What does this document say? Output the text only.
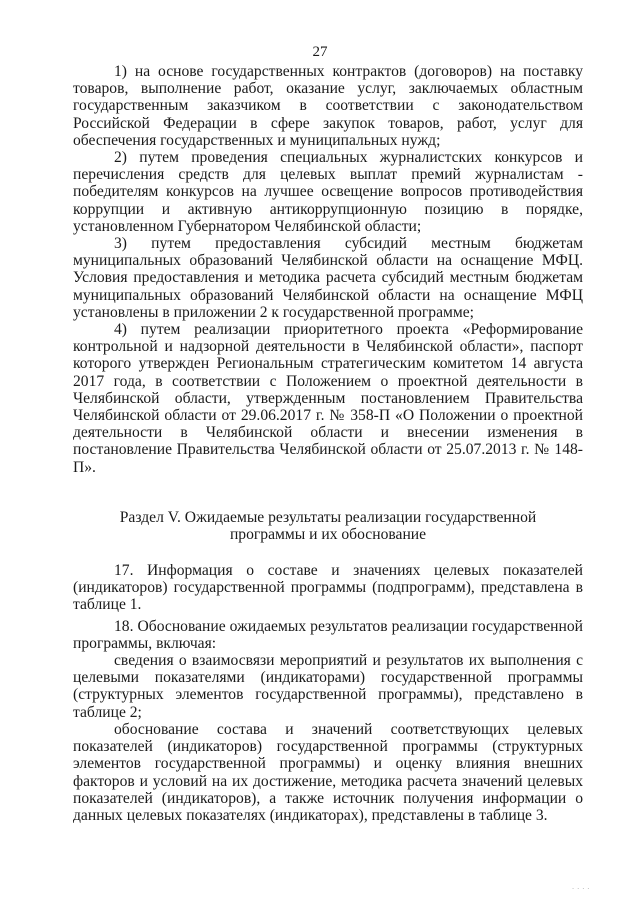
27

1) на основе государственных контрактов (договоров) на поставку товаров, выполнение работ, оказание услуг, заключаемых областным государственным заказчиком в соответствии с законодательством Российской Федерации в сфере закупок товаров, работ, услуг для обеспечения государственных и муниципальных нужд;

2) путем проведения специальных журналистских конкурсов и перечисления средств для целевых выплат премий журналистам - победителям конкурсов на лучшее освещение вопросов противодействия коррупции и активную антикоррупционную позицию в порядке, установленном Губернатором Челябинской области;

3) путем предоставления субсидий местным бюджетам муниципальных образований Челябинской области на оснащение МФЦ. Условия предоставления и методика расчета субсидий местным бюджетам муниципальных образований Челябинской области на оснащение МФЦ установлены в приложении 2 к государственной программе;

4) путем реализации приоритетного проекта «Реформирование контрольной и надзорной деятельности в Челябинской области», паспорт которого утвержден Региональным стратегическим комитетом 14 августа 2017 года, в соответствии с Положением о проектной деятельности в Челябинской области, утвержденным постановлением Правительства Челябинской области от 29.06.2017 г. № 358-П «О Положении о проектной деятельности в Челябинской области и внесении изменения в постановление Правительства Челябинской области от 25.07.2013 г. № 148-П».

Раздел V. Ожидаемые результаты реализации государственной
программы и их обоснование

17. Информация о составе и значениях целевых показателей (индикаторов) государственной программы (подпрограмм), представлена в таблице 1.

18. Обоснование ожидаемых результатов реализации государственной программы, включая:

сведения о взаимосвязи мероприятий и результатов их выполнения с целевыми показателями (индикаторами) государственной программы (структурных элементов государственной программы), представлено в таблице 2;

обоснование состава и значений соответствующих целевых показателей (индикаторов) государственной программы (структурных элементов государственной программы) и оценку влияния внешних факторов и условий на их достижение, методика расчета значений целевых показателей (индикаторов), а также источник получения информации о данных целевых показателях (индикаторах), представлены в таблице 3.

· · · ·
